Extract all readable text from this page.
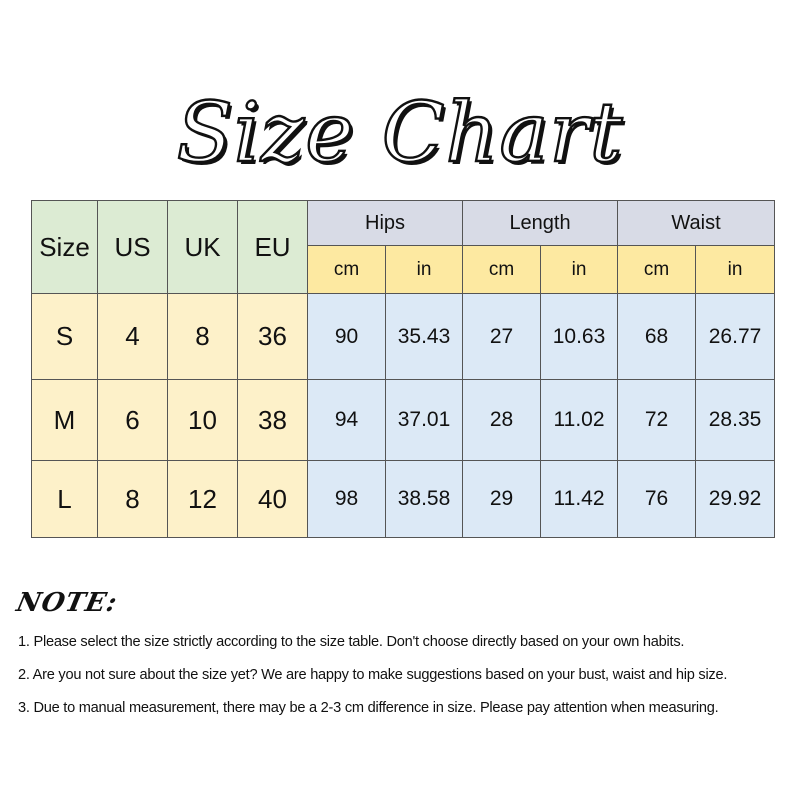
Size Chart
Size	US	UK	EU	Hips		Length		Waist	
				cm	in	cm	in	cm	in
S	4	8	36	90	35.43	27	10.63	68	26.77
M	6	10	38	94	37.01	28	11.02	72	28.35
L	8	12	40	98	38.58	29	11.42	76	29.92
NOTE:
1. Please select the size strictly according to the size table. Don't choose directly based on your own habits.
2. Are you not sure about the size yet? We are happy to make suggestions based on your bust, waist and hip size.
3. Due to manual measurement, there may be a 2-3 cm difference in size. Please pay attention when measuring.
